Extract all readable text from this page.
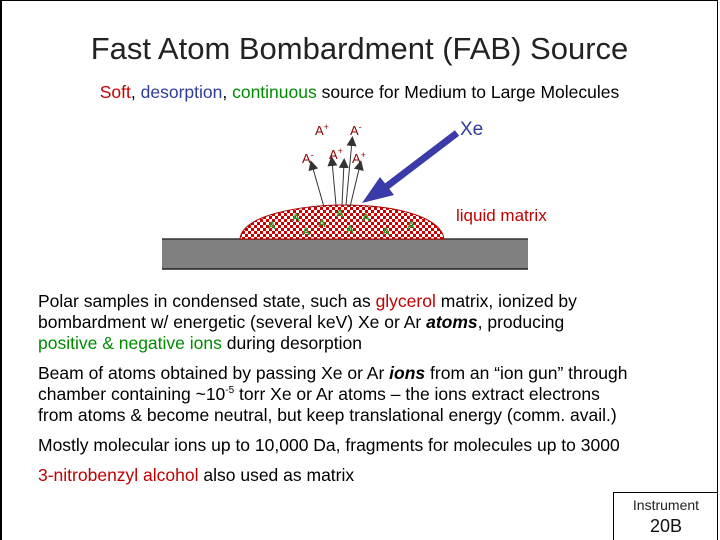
Fast Atom Bombardment (FAB) Source
Soft, desorption, continuous source for Medium to Large Molecules
A
A
A
A
A
A
A
A A
A+ A-
A- A+ A+
Xe
liquid matrix
Polar samples in condensed state, such as glycerol matrix, ionized by
bombardment w/ energetic (several keV) Xe or Ar atoms, producing
positive & negative ions during desorption
Beam of atoms obtained by passing Xe or Ar ions from an “ion gun” through
chamber containing $\sim 10^{-5}$ torr Xe or Ar atoms – the ions extract electrons
from atoms & become neutral, but keep translational energy (comm. avail.)
Mostly molecular ions up to 10,000 Da, fragments for molecules up to 3000
3-nitrobenzyl alcohol also used as matrix
Instrument
20B
